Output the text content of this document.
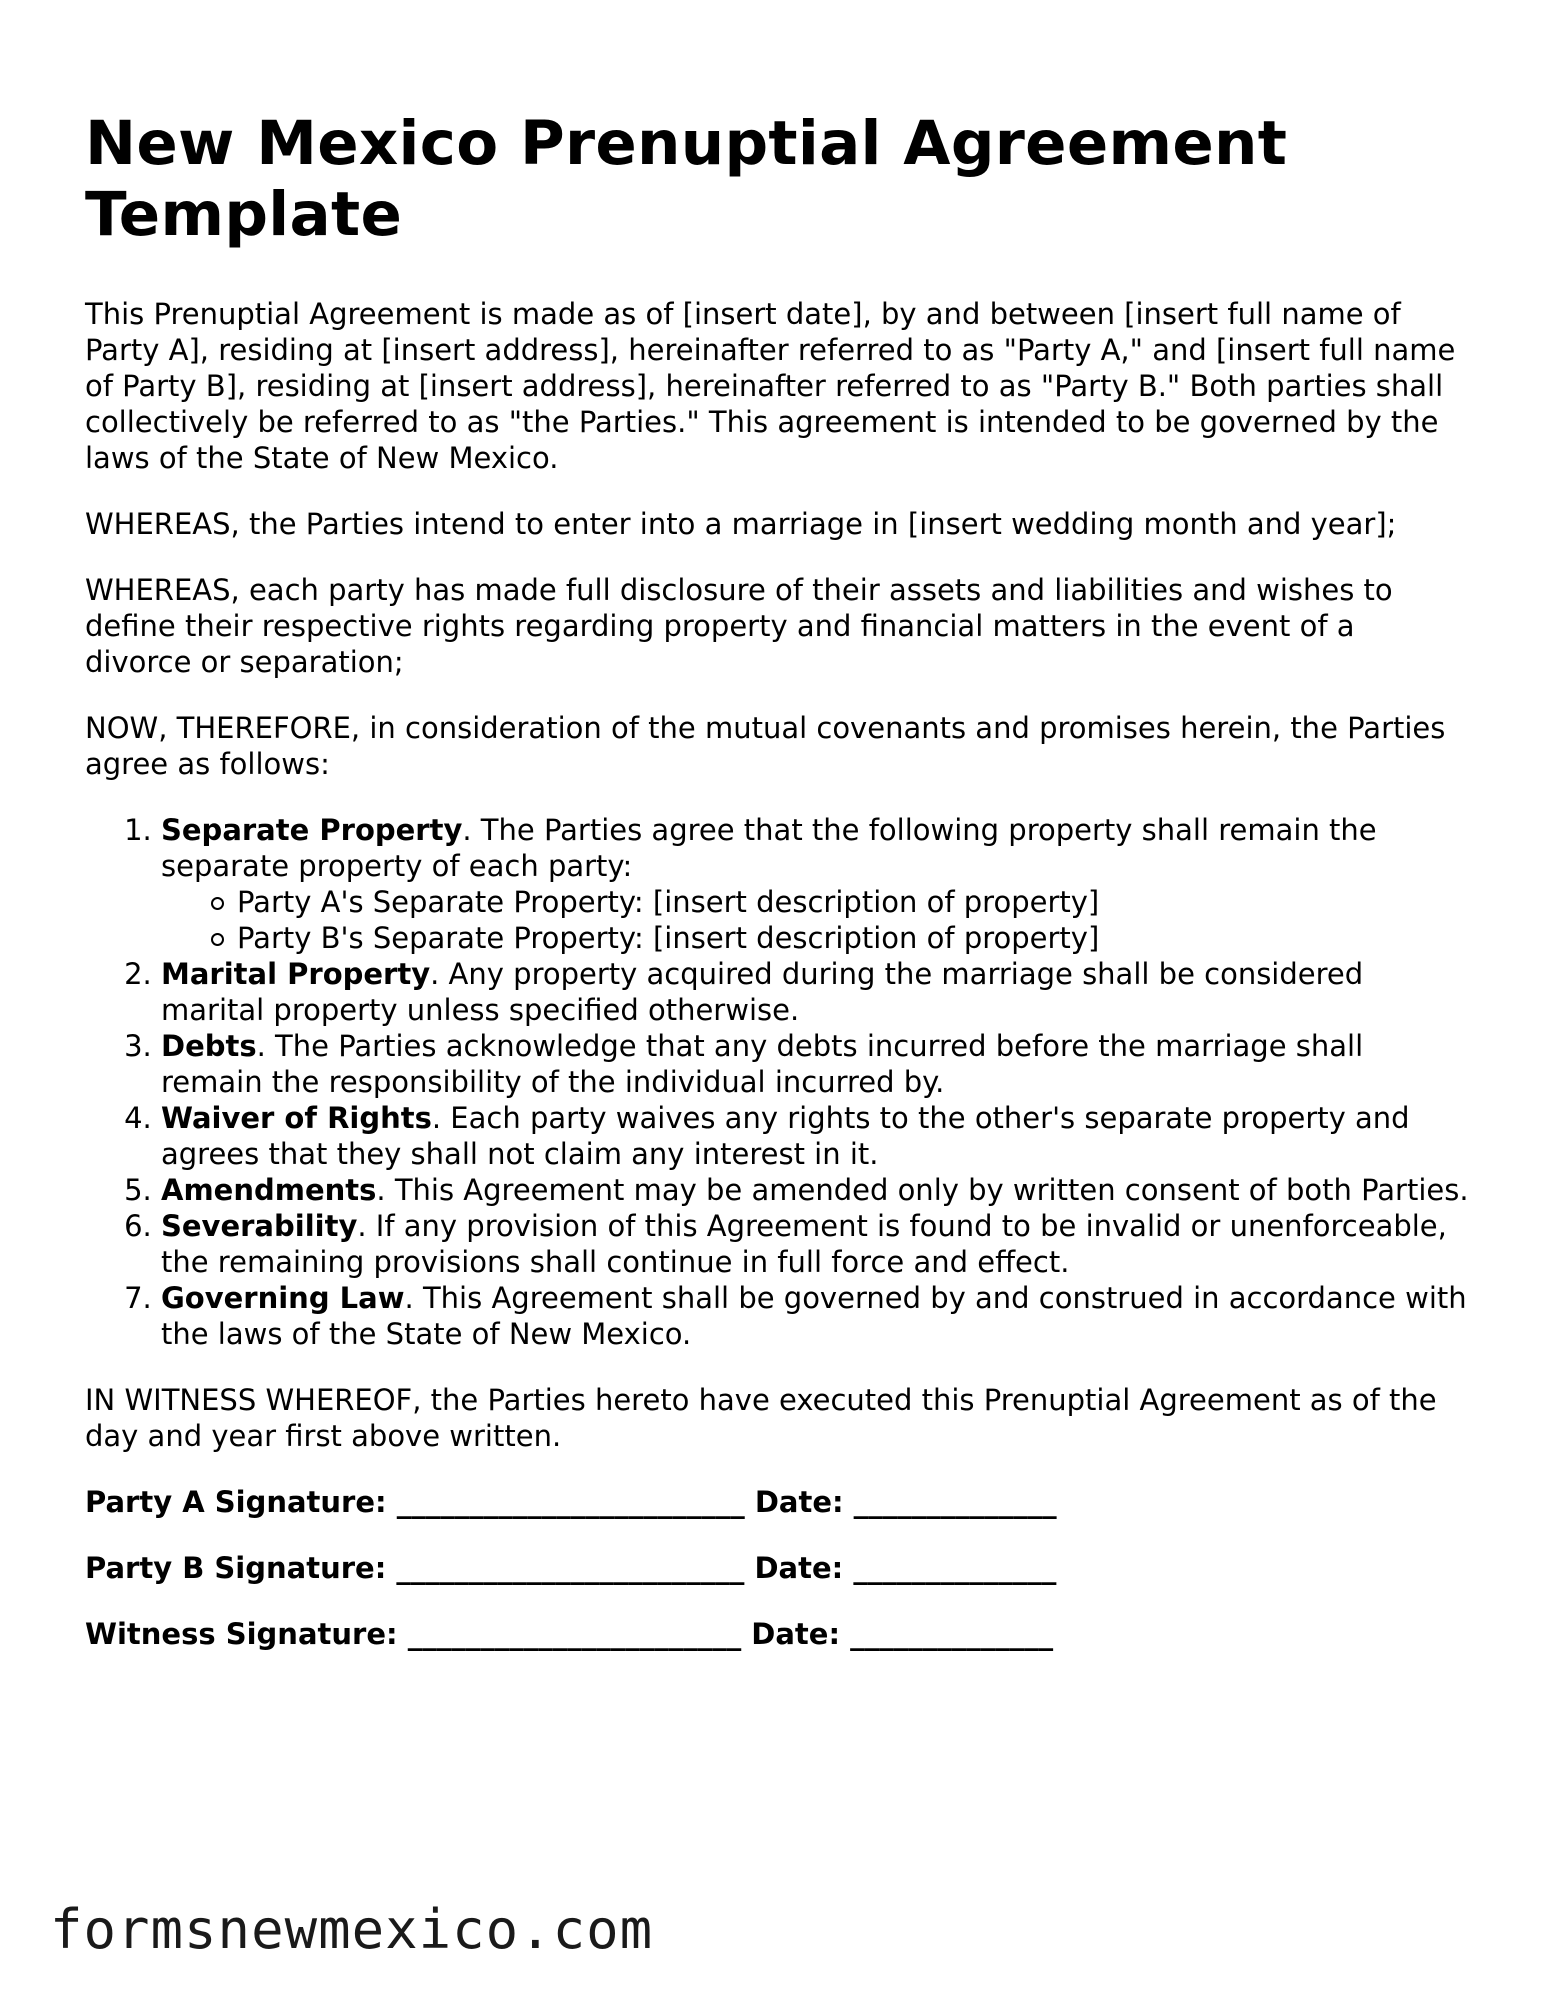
New Mexico Prenuptial Agreement Template

This Prenuptial Agreement is made as of [insert date], by and between [insert full name of Party A], residing at [insert address], hereinafter referred to as "Party A," and [insert full name of Party B], residing at [insert address], hereinafter referred to as "Party B." Both parties shall collectively be referred to as "the Parties." This agreement is intended to be governed by the laws of the State of New Mexico.

WHEREAS, the Parties intend to enter into a marriage in [insert wedding month and year];

WHEREAS, each party has made full disclosure of their assets and liabilities and wishes to define their respective rights regarding property and financial matters in the event of a divorce or separation;

NOW, THEREFORE, in consideration of the mutual covenants and promises herein, the Parties agree as follows:

1. Separate Property. The Parties agree that the following property shall remain the separate property of each party:
Party A's Separate Property: [insert description of property]
Party B's Separate Property: [insert description of property]
2. Marital Property. Any property acquired during the marriage shall be considered marital property unless specified otherwise.
3. Debts. The Parties acknowledge that any debts incurred before the marriage shall remain the responsibility of the individual incurred by.
4. Waiver of Rights. Each party waives any rights to the other's separate property and agrees that they shall not claim any interest in it.
5. Amendments. This Agreement may be amended only by written consent of both Parties.
6. Severability. If any provision of this Agreement is found to be invalid or unenforceable, the remaining provisions shall continue in full force and effect.
7. Governing Law. This Agreement shall be governed by and construed in accordance with the laws of the State of New Mexico.

IN WITNESS WHEREOF, the Parties hereto have executed this Prenuptial Agreement as of the day and year first above written.

Party A Signature: ________________________ Date: ______________
Party B Signature: ________________________ Date: ______________
Witness Signature: _______________________ Date: ______________
formsnewmexico.com
